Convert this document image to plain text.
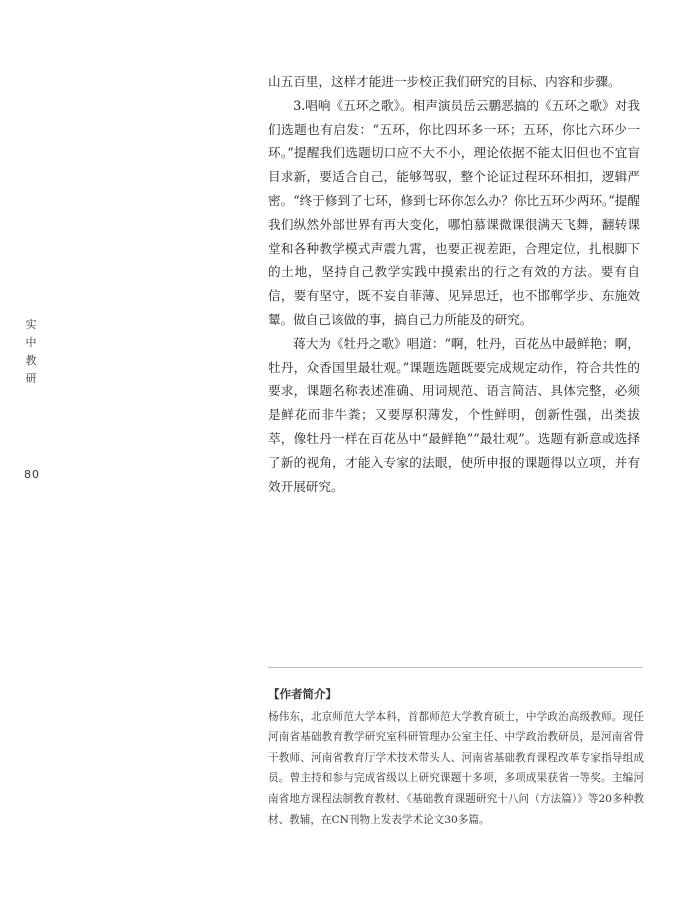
实中教研
80

山五百里，这样才能进一步校正我们研究的目标、内容和步骤。

3.唱响《五环之歌》。相声演员岳云鹏恶搞的《五环之歌》对我们选题也有启发：“五环，你比四环多一环；五环，你比六环少一环。”提醒我们选题切口应不大不小，理论依据不能太旧但也不宜盲目求新，要适合自己，能够驾驭，整个论证过程环环相扣，逻辑严密。“终于修到了七环，修到七环你怎么办？你比五环少两环。”提醒我们纵然外部世界有再大变化，哪怕慕课微课很满天飞舞，翻转课堂和各种教学模式声震九霄，也要正视差距，合理定位，扎根脚下的土地，坚持自己教学实践中摸索出的行之有效的方法。要有自信，要有坚守，既不妄自菲薄、见异思迁，也不邯郸学步、东施效颦。做自己该做的事，搞自己力所能及的研究。

蒋大为《牡丹之歌》唱道：“啊，牡丹，百花丛中最鲜艳；啊，牡丹，众香国里最壮观。”课题选题既要完成规定动作，符合共性的要求，课题名称表述准确、用词规范、语言简洁、具体完整，必须是鲜花而非牛粪；又要厚积薄发，个性鲜明，创新性强，出类拔萃，像牡丹一样在百花丛中“最鲜艳”“最壮观”。选题有新意或选择了新的视角，才能入专家的法眼，使所申报的课题得以立项，并有效开展研究。

【作者简介】

杨伟东，北京师范大学本科，首都师范大学教育硕士，中学政治高级教师。现任河南省基础教育教学研究室科研管理办公室主任、中学政治教研员，是河南省骨干教师、河南省教育厅学术技术带头人、河南省基础教育课程改革专家指导组成员。曾主持和参与完成省级以上研究课题十多项，多项成果获省一等奖。主编河南省地方课程法制教育教材、《基础教育课题研究十八问（方法篇）》等20多种教材、教辅，在CN刊物上发表学术论文30多篇。
